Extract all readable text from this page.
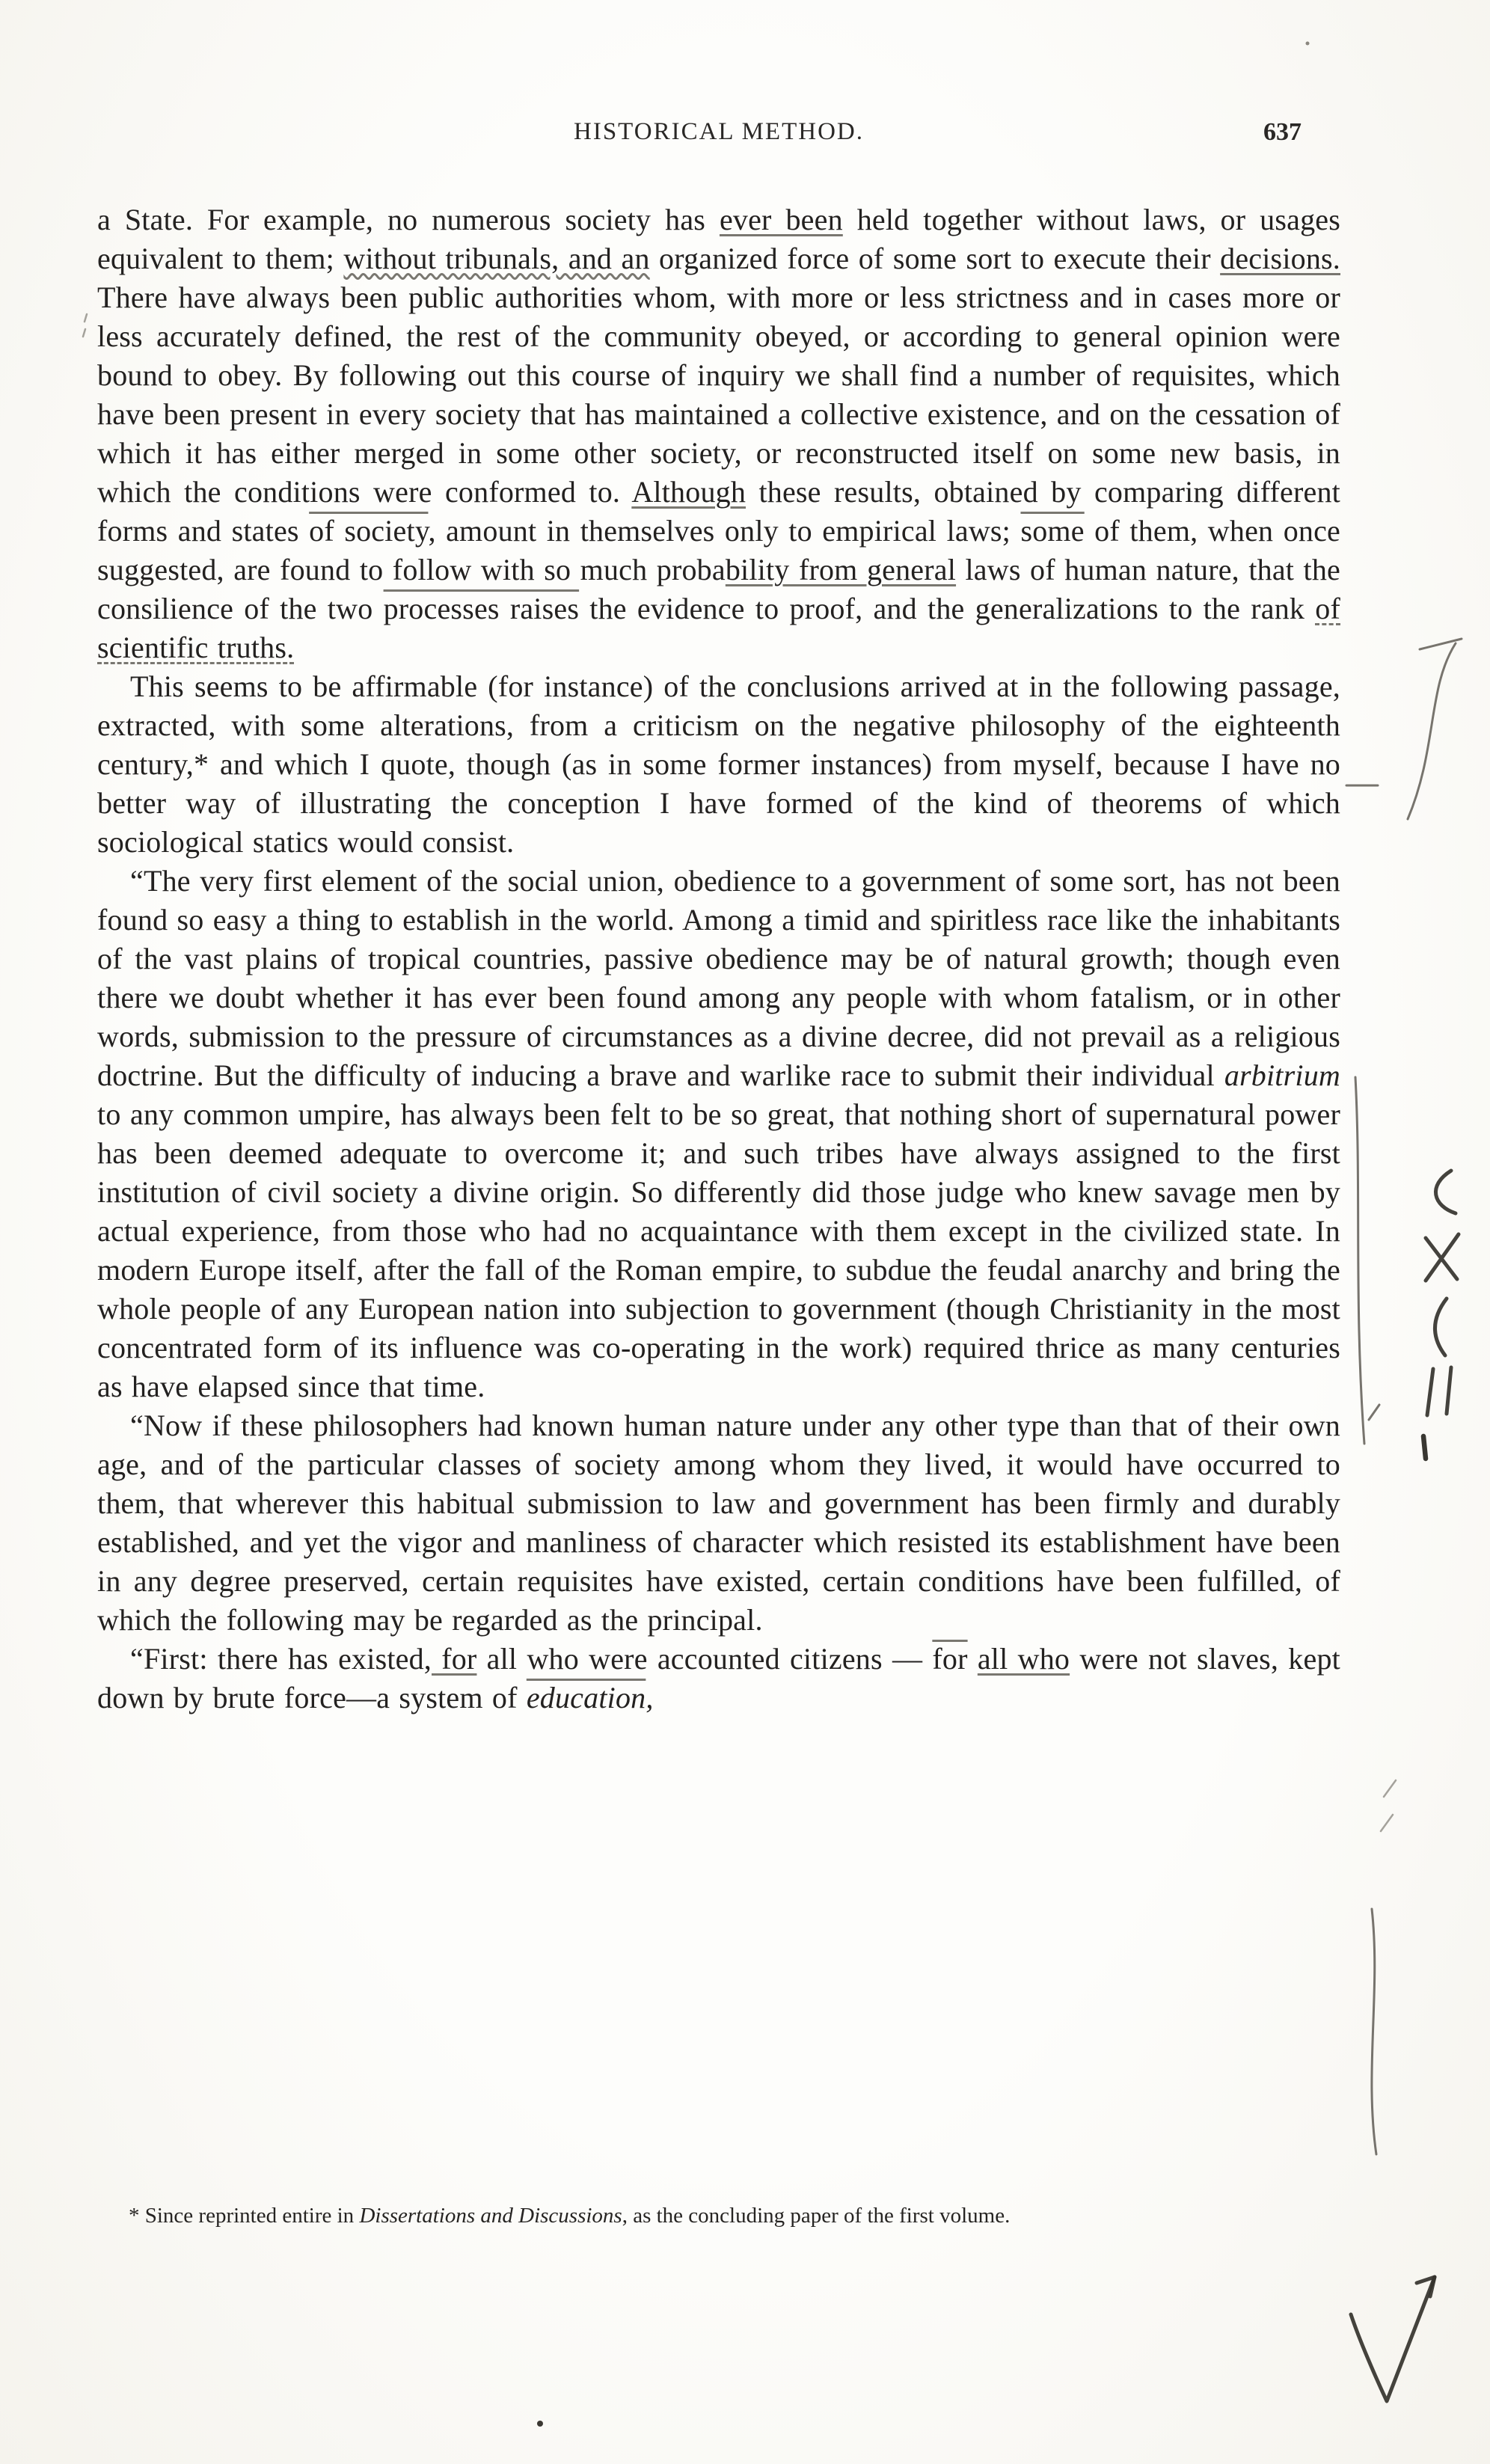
HISTORICAL METHOD.	637

a State. For example, no numerous society has ever been held together without laws, or usages equivalent to them; without tribunals, and an organized force of some sort to execute their decisions. There have always been public authorities whom, with more or less strictness and in cases more or less accurately defined, the rest of the community obeyed, or according to general opinion were bound to obey. By following out this course of inquiry we shall find a number of requisites, which have been present in every society that has maintained a collective existence, and on the cessation of which it has either merged in some other society, or reconstructed itself on some new basis, in which the conditions were conformed to. Although these results, obtained by comparing different forms and states of society, amount in themselves only to empirical laws; some of them, when once suggested, are found to follow with so much probability from general laws of human nature, that the consilience of the two processes raises the evidence to proof, and the generalizations to the rank of scientific truths.

This seems to be affirmable (for instance) of the conclusions arrived at in the following passage, extracted, with some alterations, from a criticism on the negative philosophy of the eighteenth century,* and which I quote, though (as in some former instances) from myself, because I have no better way of illustrating the conception I have formed of the kind of theorems of which sociological statics would consist.

“The very first element of the social union, obedience to a government of some sort, has not been found so easy a thing to establish in the world. Among a timid and spiritless race like the inhabitants of the vast plains of tropical countries, passive obedience may be of natural growth; though even there we doubt whether it has ever been found among any people with whom fatalism, or in other words, submission to the pressure of circumstances as a divine decree, did not prevail as a religious doctrine. But the difficulty of inducing a brave and warlike race to submit their individual arbitrium to any common umpire, has always been felt to be so great, that nothing short of supernatural power has been deemed adequate to overcome it; and such tribes have always assigned to the first institution of civil society a divine origin. So differently did those judge who knew savage men by actual experience, from those who had no acquaintance with them except in the civilized state. In modern Europe itself, after the fall of the Roman empire, to subdue the feudal anarchy and bring the whole people of any European nation into subjection to government (though Christianity in the most concentrated form of its influence was co-operating in the work) required thrice as many centuries as have elapsed since that time.

“Now if these philosophers had known human nature under any other type than that of their own age, and of the particular classes of society among whom they lived, it would have occurred to them, that wherever this habitual submission to law and government has been firmly and durably established, and yet the vigor and manliness of character which resisted its establishment have been in any degree preserved, certain requisites have existed, certain conditions have been fulfilled, of which the following may be regarded as the principal.

“First: there has existed, for all who were accounted citizens — $\overline{for}$ all who were not slaves, kept down by brute force—a system of education,

* Since reprinted entire in Dissertations and Discussions, as the concluding paper of the first volume.
